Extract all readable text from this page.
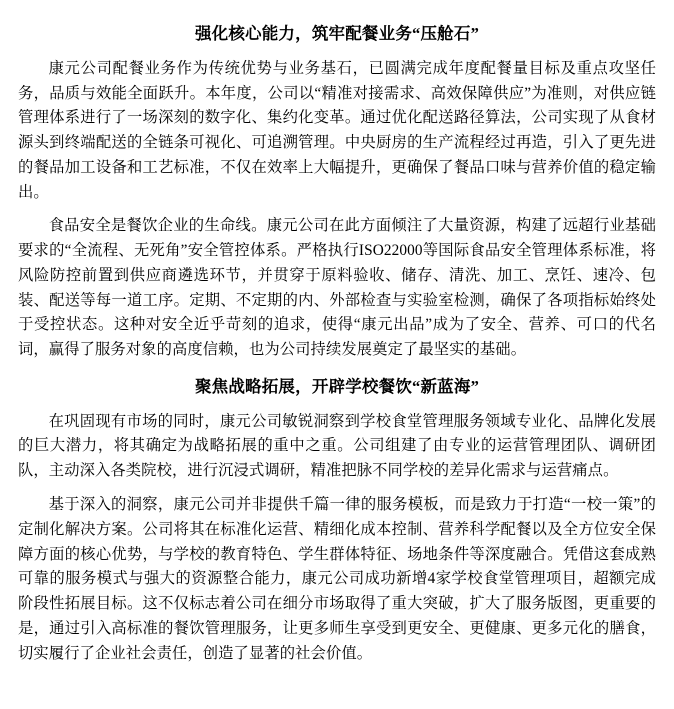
强化核心能力，筑牢配餐业务“压舱石”

康元公司配餐业务作为传统优势与业务基石，已圆满完成年度配餐量目标及重点攻坚任务，品质与效能全面跃升。本年度，公司以“精准对接需求、高效保障供应”为准则，对供应链管理体系进行了一场深刻的数字化、集约化变革。通过优化配送路径算法，公司实现了从食材源头到终端配送的全链条可视化、可追溯管理。中央厨房的生产流程经过再造，引入了更先进的餐品加工设备和工艺标准，不仅在效率上大幅提升，更确保了餐品口味与营养价值的稳定输出。

食品安全是餐饮企业的生命线。康元公司在此方面倾注了大量资源，构建了远超行业基础要求的“全流程、无死角”安全管控体系。严格执行ISO22000等国际食品安全管理体系标准，将风险防控前置到供应商遴选环节，并贯穿于原料验收、储存、清洗、加工、烹饪、速冷、包装、配送等每一道工序。定期、不定期的内、外部检查与实验室检测，确保了各项指标始终处于受控状态。这种对安全近乎苛刻的追求，使得“康元出品”成为了安全、营养、可口的代名词，赢得了服务对象的高度信赖，也为公司持续发展奠定了最坚实的基础。

聚焦战略拓展，开辟学校餐饮“新蓝海”

在巩固现有市场的同时，康元公司敏锐洞察到学校食堂管理服务领域专业化、品牌化发展的巨大潜力，将其确定为战略拓展的重中之重。公司组建了由专业的运营管理团队、调研团队，主动深入各类院校，进行沉浸式调研，精准把脉不同学校的差异化需求与运营痛点。

基于深入的洞察，康元公司并非提供千篇一律的服务模板，而是致力于打造“一校一策”的定制化解决方案。公司将其在标准化运营、精细化成本控制、营养科学配餐以及全方位安全保障方面的核心优势，与学校的教育特色、学生群体特征、场地条件等深度融合。凭借这套成熟可靠的服务模式与强大的资源整合能力，康元公司成功新增4家学校食堂管理项目，超额完成阶段性拓展目标。这不仅标志着公司在细分市场取得了重大突破，扩大了服务版图，更重要的是，通过引入高标准的餐饮管理服务，让更多师生享受到更安全、更健康、更多元化的膳食，切实履行了企业社会责任，创造了显著的社会价值。
